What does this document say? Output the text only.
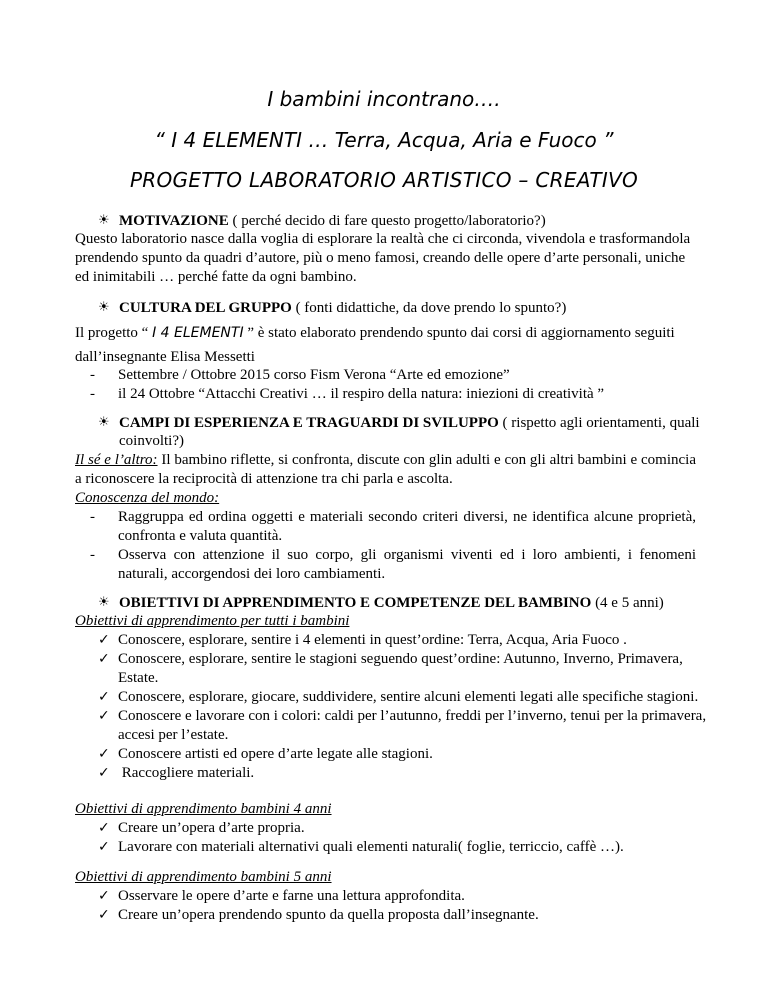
I bambini incontrano….
“ I 4 ELEMENTI … Terra, Acqua, Aria e Fuoco ”
PROGETTO LABORATORIO ARTISTICO – CREATIVO
☀ MOTIVAZIONE ( perché decido di fare questo progetto/laboratorio?)
Questo laboratorio nasce dalla voglia di esplorare la realtà che ci circonda, vivendola e trasformandola prendendo spunto da quadri d’autore, più o meno famosi, creando delle opere d’arte personali, uniche ed inimitabili … perché fatte da ogni bambino.
☀ CULTURA DEL GRUPPO ( fonti didattiche, da dove prendo lo spunto?)
Il progetto “ I 4 ELEMENTI ” è stato elaborato prendendo spunto dai corsi di aggiornamento seguiti
dall’insegnante Elisa Messetti
- Settembre / Ottobre 2015 corso Fism Verona “Arte ed emozione”
- il 24 Ottobre “Attacchi Creativi … il respiro della natura: iniezioni di creatività ”
☀ CAMPI DI ESPERIENZA E TRAGUARDI DI SVILUPPO ( rispetto agli orientamenti, quali
coinvolti?)
Il sé e l’altro: Il bambino riflette, si confronta, discute con glin adulti e con gli altri bambini e comincia a riconoscere la reciprocità di attenzione tra chi parla e ascolta.
Conoscenza del mondo:
- Raggruppa ed ordina oggetti e materiali secondo criteri diversi, ne identifica alcune proprietà, confronta e valuta quantità.
- Osserva con attenzione il suo corpo, gli organismi viventi ed i loro ambienti, i fenomeni naturali, accorgendosi dei loro cambiamenti.
☀ OBIETTIVI DI APPRENDIMENTO E COMPETENZE DEL BAMBINO (4 e 5 anni)
Obiettivi di apprendimento per tutti i bambini
✓ Conoscere, esplorare, sentire i 4 elementi in quest’ordine: Terra, Acqua, Aria Fuoco .
✓ Conoscere, esplorare, sentire le stagioni seguendo quest’ordine: Autunno, Inverno, Primavera, Estate.
✓ Conoscere, esplorare, giocare, suddividere, sentire alcuni elementi legati alle specifiche stagioni.
✓ Conoscere e lavorare con i colori: caldi per l’autunno, freddi per l’inverno, tenui per la primavera, accesi per l’estate.
✓ Conoscere artisti ed opere d’arte legate alle stagioni.
✓ Raccogliere materiali.
Obiettivi di apprendimento bambini 4 anni
✓ Creare un’opera d’arte propria.
✓ Lavorare con materiali alternativi quali elementi naturali( foglie, terriccio, caffè …).
Obiettivi di apprendimento bambini 5 anni
✓ Osservare le opere d’arte e farne una lettura approfondita.
✓ Creare un’opera prendendo spunto da quella proposta dall’insegnante.
